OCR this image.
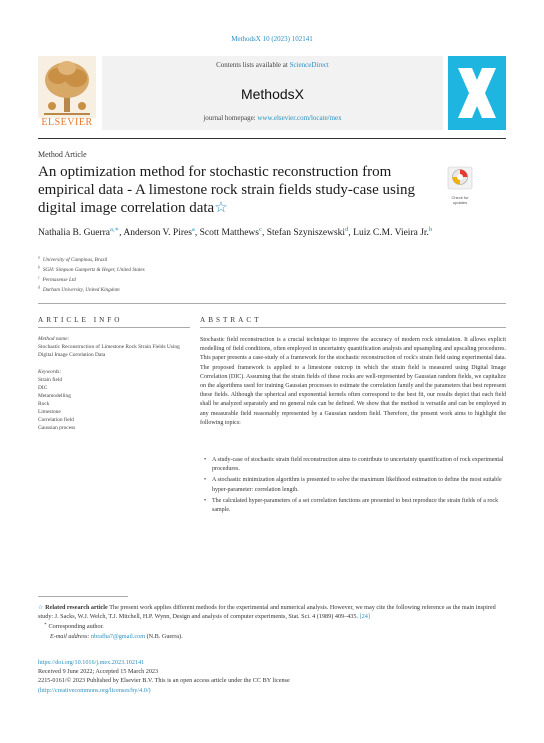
MethodsX 10 (2023) 102141
ELSEVIER
Contents lists available at ScienceDirect
MethodsX
journal homepage: www.elsevier.com/locate/mex
Method Article
An optimization method for stochastic reconstruction from empirical data - A limestone rock strain fields study-case using digital image correlation data☆
Check for
updates
Nathalia B. Guerra$^{a,∗}$, Anderson V. Pires$^a$, Scott Matthews$^c$, Stefan Szyniszewski$^d$, Luiz C.M. Vieira Jr.$^b$
$^a$ University of Campinas, Brazil
$^b$ SGH: Simpson Gumpertz & Heger, United States
$^c$ Permasense Ltd
$^d$ Durham University, United Kingdom
ARTICLE INFO	ABSTRACT
Method name:
Stochastic Reconstruction of Limestone Rock Strain Fields Using Digital Image Correlation Data
Keywords:
Strain field
DIC
Metamodelling
Rock
Limestone
Correlation field
Gaussian process
Stochastic field reconstruction is a crucial technique to improve the accuracy of modern rock simulation. It allows explicit modelling of field conditions, often employed in uncertainty quantification analysis and upsampling and upscaling procedures. This paper presents a case-study of a framework for the stochastic reconstruction of rock's strain field using experimental data. The proposed framework is applied to a limestone outcrop in which the strain field is measured using Digital Image Correlation (DIC). Assuming that the strain fields of these rocks are well-represented by Gaussian random fields, we capitalize on the algorithms used for training Gaussian processes to estimate the correlation family and the parameters that best represent these fields. Although the spherical and exponential kernels often correspond to the best fit, our results depict that each field shall be analyzed separately and no general rule can be defined. We show that the method is versatile and can be employed in any measurable field reasonably represented by a Gaussian random field. Therefore, the present work aims to highlight the following topics:
• A study-case of stochastic strain field reconstruction aims to contribute to uncertainty quantification of rock experimental procedures.
• A stochastic minimization algorithm is presented to solve the maximum likelihood estimation to define the most suitable hyper-parameter: correlation length.
• The calculated hyper-parameters of a set correlation functions are presented to best reproduce the strain fields of a rock sample.
☆ Related research article The present work applies different methods for the experimental and numerical analysis. However, we may cite the following reference as the main inspired study: J. Sacks, W.J. Welch, T.J. Mitchell, H.P. Wynn, Design and analysis of computer experiments, Stat. Sci. 4 (1989) 409–435. [24]
∗ Corresponding author.
E-mail address: nbrafha7@gmail.com (N.B. Guerra).
https://doi.org/10.1016/j.mex.2023.102141
Received 9 June 2022; Accepted 15 March 2023
2215-0161/© 2023 Published by Elsevier B.V. This is an open access article under the CC BY license
(http://creativecommons.org/licenses/by/4.0/)
